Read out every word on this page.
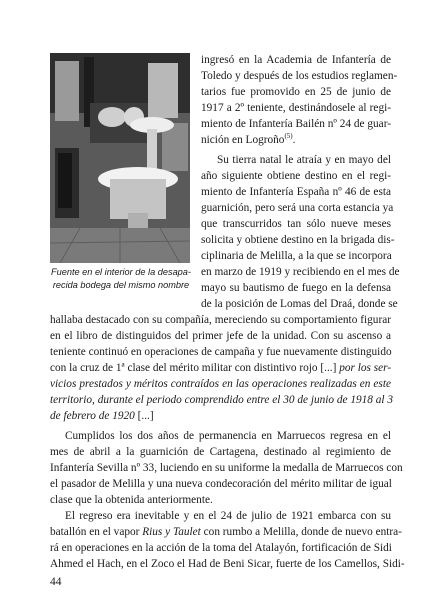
Fuente en el interior de la desapa-
recida bodega del mismo nombre

ingresó en la Academia de Infantería de

Toledo y después de los estudios reglamen-

tarios fue promovido en 25 de junio de

1917 a 2º teniente, destinándosele al regi-

miento de Infantería Bailén nº 24 de guar-

nición en Logroño$^{(5)}$.

Su tierra natal le atraía y en mayo del

año siguiente obtiene destino en el regi-

miento de Infantería España nº 46 de esta

guarnición, pero será una corta estancia ya

que transcurridos tan sólo nueve meses

solicita y obtiene destino en la brigada dis-

ciplinaria de Melilla, a la que se incorpora

en marzo de 1919 y recibiendo en el mes de

mayo su bautismo de fuego en la defensa

de la posición de Lomas del Draá, donde se

hallaba destacado con su compañía, mereciendo su comportamiento figurar

en el libro de distinguidos del primer jefe de la unidad. Con su ascenso a

teniente continuó en operaciones de campaña y fue nuevamente distinguido

con la cruz de 1ª clase del mérito militar con distintivo rojo [...] por los ser-

vicios prestados y méritos contraídos en las operaciones realizadas en este

territorio, durante el periodo comprendido entre el 30 de junio de 1918 al 3

de febrero de 1920 [...]

Cumplidos los dos años de permanencia en Marruecos regresa en el

mes de abril a la guarnición de Cartagena, destinado al regimiento de

Infantería Sevilla nº 33, luciendo en su uniforme la medalla de Marruecos con

el pasador de Melilla y una nueva condecoración del mérito militar de igual

clase que la obtenida anteriormente.

El regreso era inevitable y en el 24 de julio de 1921 embarca con su

batallón en el vapor Rius y Taulet con rumbo a Melilla, donde de nuevo entra-

rá en operaciones en la acción de la toma del Atalayón, fortificación de Sidi

Ahmed el Hach, en el Zoco el Had de Beni Sicar, fuerte de los Camellos, Sidi-

44
